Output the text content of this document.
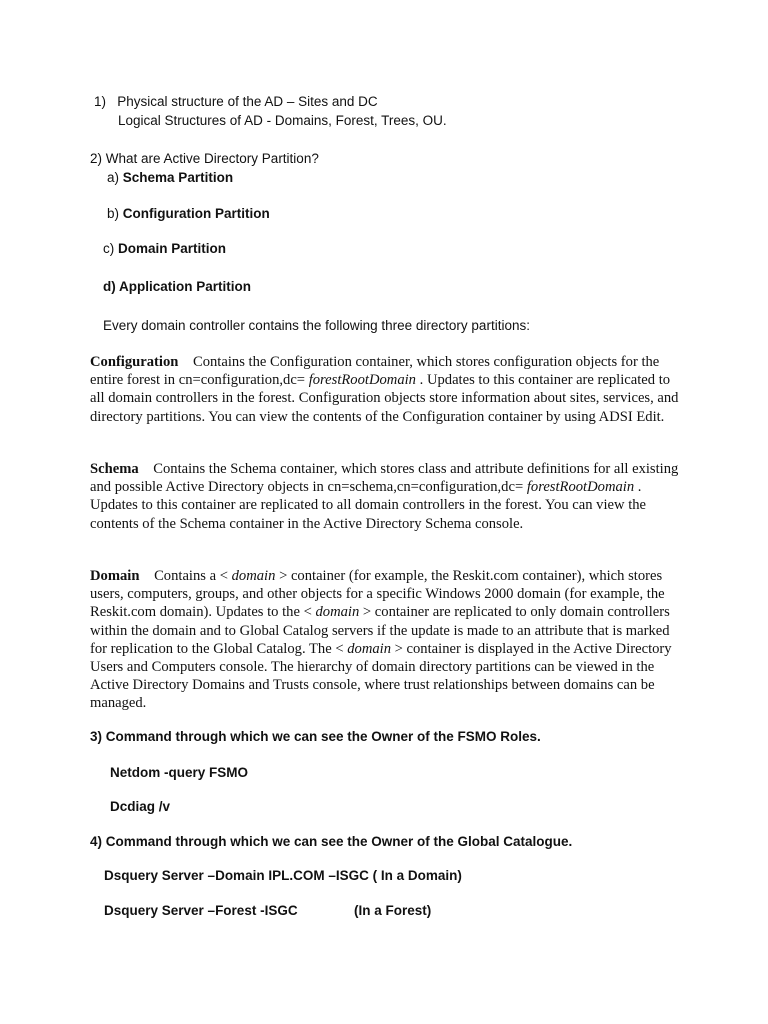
1) Physical structure of the AD – Sites and DC
Logical Structures of AD - Domains, Forest, Trees, OU.
2) What are Active Directory Partition?
a) Schema Partition
b) Configuration Partition
c) Domain Partition
d) Application Partition
Every domain controller contains the following three directory partitions:

Configuration Contains the Configuration container, which stores configuration objects for the entire forest in cn=configuration,dc= forestRootDomain . Updates to this container are replicated to all domain controllers in the forest. Configuration objects store information about sites, services, and directory partitions. You can view the contents of the Configuration container by using ADSI Edit.

Schema Contains the Schema container, which stores class and attribute definitions for all existing and possible Active Directory objects in cn=schema,cn=configuration,dc= forestRootDomain . Updates to this container are replicated to all domain controllers in the forest. You can view the contents of the Schema container in the Active Directory Schema console.

Domain Contains a < domain > container (for example, the Reskit.com container), which stores users, computers, groups, and other objects for a specific Windows 2000 domain (for example, the Reskit.com domain). Updates to the < domain > container are replicated to only domain controllers within the domain and to Global Catalog servers if the update is made to an attribute that is marked for replication to the Global Catalog. The < domain > container is displayed in the Active Directory Users and Computers console. The hierarchy of domain directory partitions can be viewed in the Active Directory Domains and Trusts console, where trust relationships between domains can be managed.

3) Command through which we can see the Owner of the FSMO Roles.
Netdom -query FSMO
Dcdiag /v
4) Command through which we can see the Owner of the Global Catalogue.
Dsquery Server –Domain IPL.COM –ISGC ( In a Domain)
Dsquery Server –Forest -ISGC	(In a Forest)
